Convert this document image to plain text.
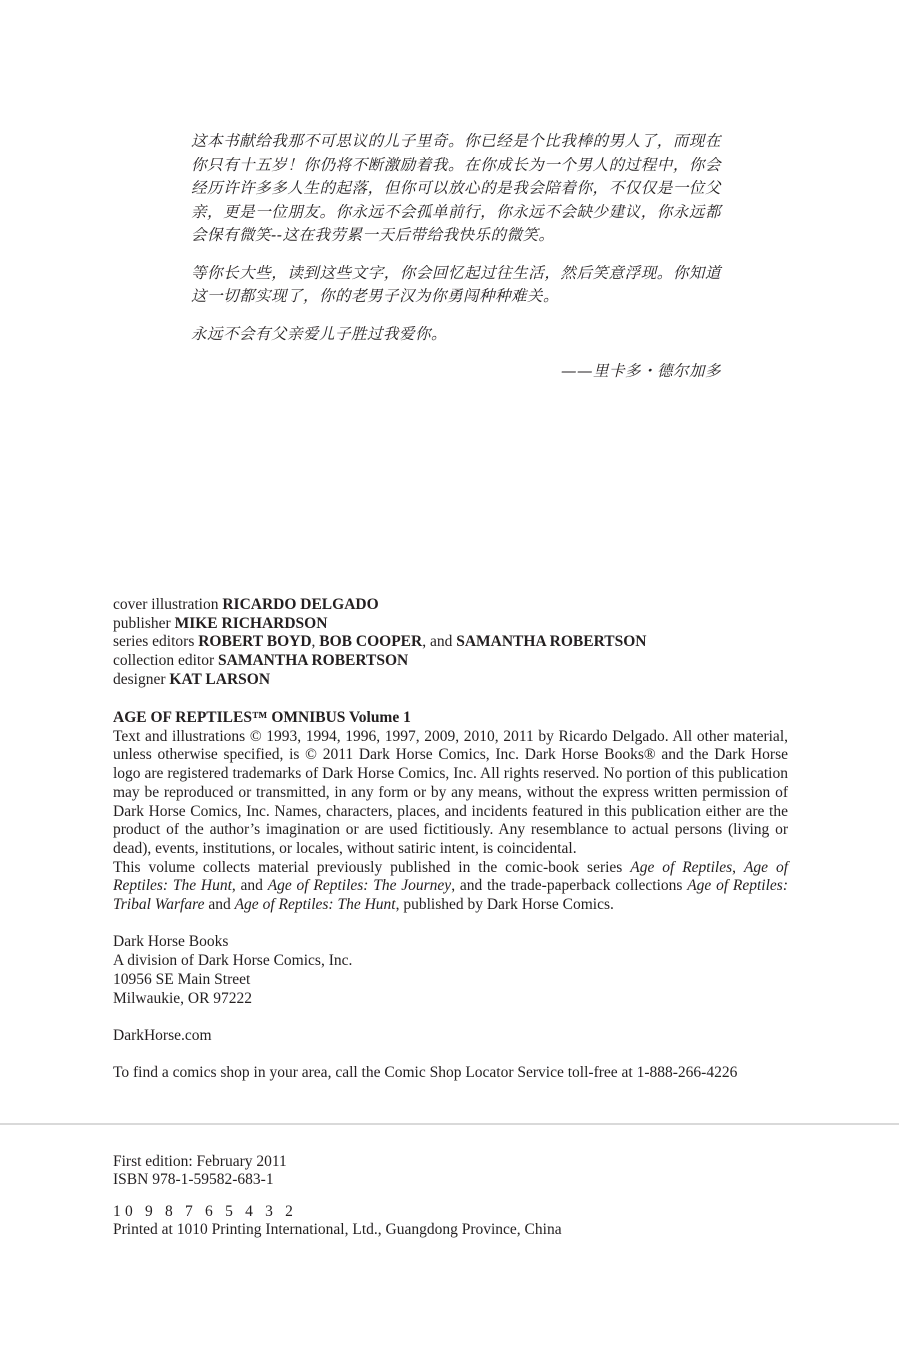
这本书献给我那不可思议的儿子里奇。你已经是个比我棒的男人了，而现在你只有十五岁！你仍将不断激励着我。在你成长为一个男人的过程中，你会经历许许多多人生的起落，但你可以放心的是我会陪着你，不仅仅是一位父亲，更是一位朋友。你永远不会孤单前行，你永远不会缺少建议，你永远都会保有微笑--这在我劳累一天后带给我快乐的微笑。

等你长大些，读到这些文字，你会回忆起过往生活，然后笑意浮现。你知道这一切都实现了，你的老男子汉为你勇闯种种难关。

永远不会有父亲爱儿子胜过我爱你。

——里卡多・德尔加多

cover illustration RICARDO DELGADO
publisher MIKE RICHARDSON
series editors ROBERT BOYD, BOB COOPER, and SAMANTHA ROBERTSON
collection editor SAMANTHA ROBERTSON
designer KAT LARSON
AGE OF REPTILES™ OMNIBUS Volume 1

Text and illustrations © 1993, 1994, 1996, 1997, 2009, 2010, 2011 by Ricardo Delgado. All other material, unless otherwise specified, is © 2011 Dark Horse Comics, Inc. Dark Horse Books® and the Dark Horse logo are registered trademarks of Dark Horse Comics, Inc. All rights reserved. No portion of this publication may be reproduced or transmitted, in any form or by any means, without the express written permission of Dark Horse Comics, Inc. Names, characters, places, and incidents featured in this publication either are the product of the author’s imagination or are used fictitiously. Any resemblance to actual persons (living or dead), events, institutions, or locales, without satiric intent, is coincidental.

This volume collects material previously published in the comic-book series Age of Reptiles, Age of Reptiles: The Hunt, and Age of Reptiles: The Journey, and the trade-paperback collections Age of Reptiles: Tribal Warfare and Age of Reptiles: The Hunt, published by Dark Horse Comics.

Dark Horse Books
A division of Dark Horse Comics, Inc.
10956 SE Main Street
Milwaukie, OR 97222
DarkHorse.com
To find a comics shop in your area, call the Comic Shop Locator Service toll-free at 1-888-266-4226
First edition: February 2011
ISBN 978-1-59582-683-1
10 9 8 7 6 5 4 3 2
Printed at 1010 Printing International, Ltd., Guangdong Province, China
